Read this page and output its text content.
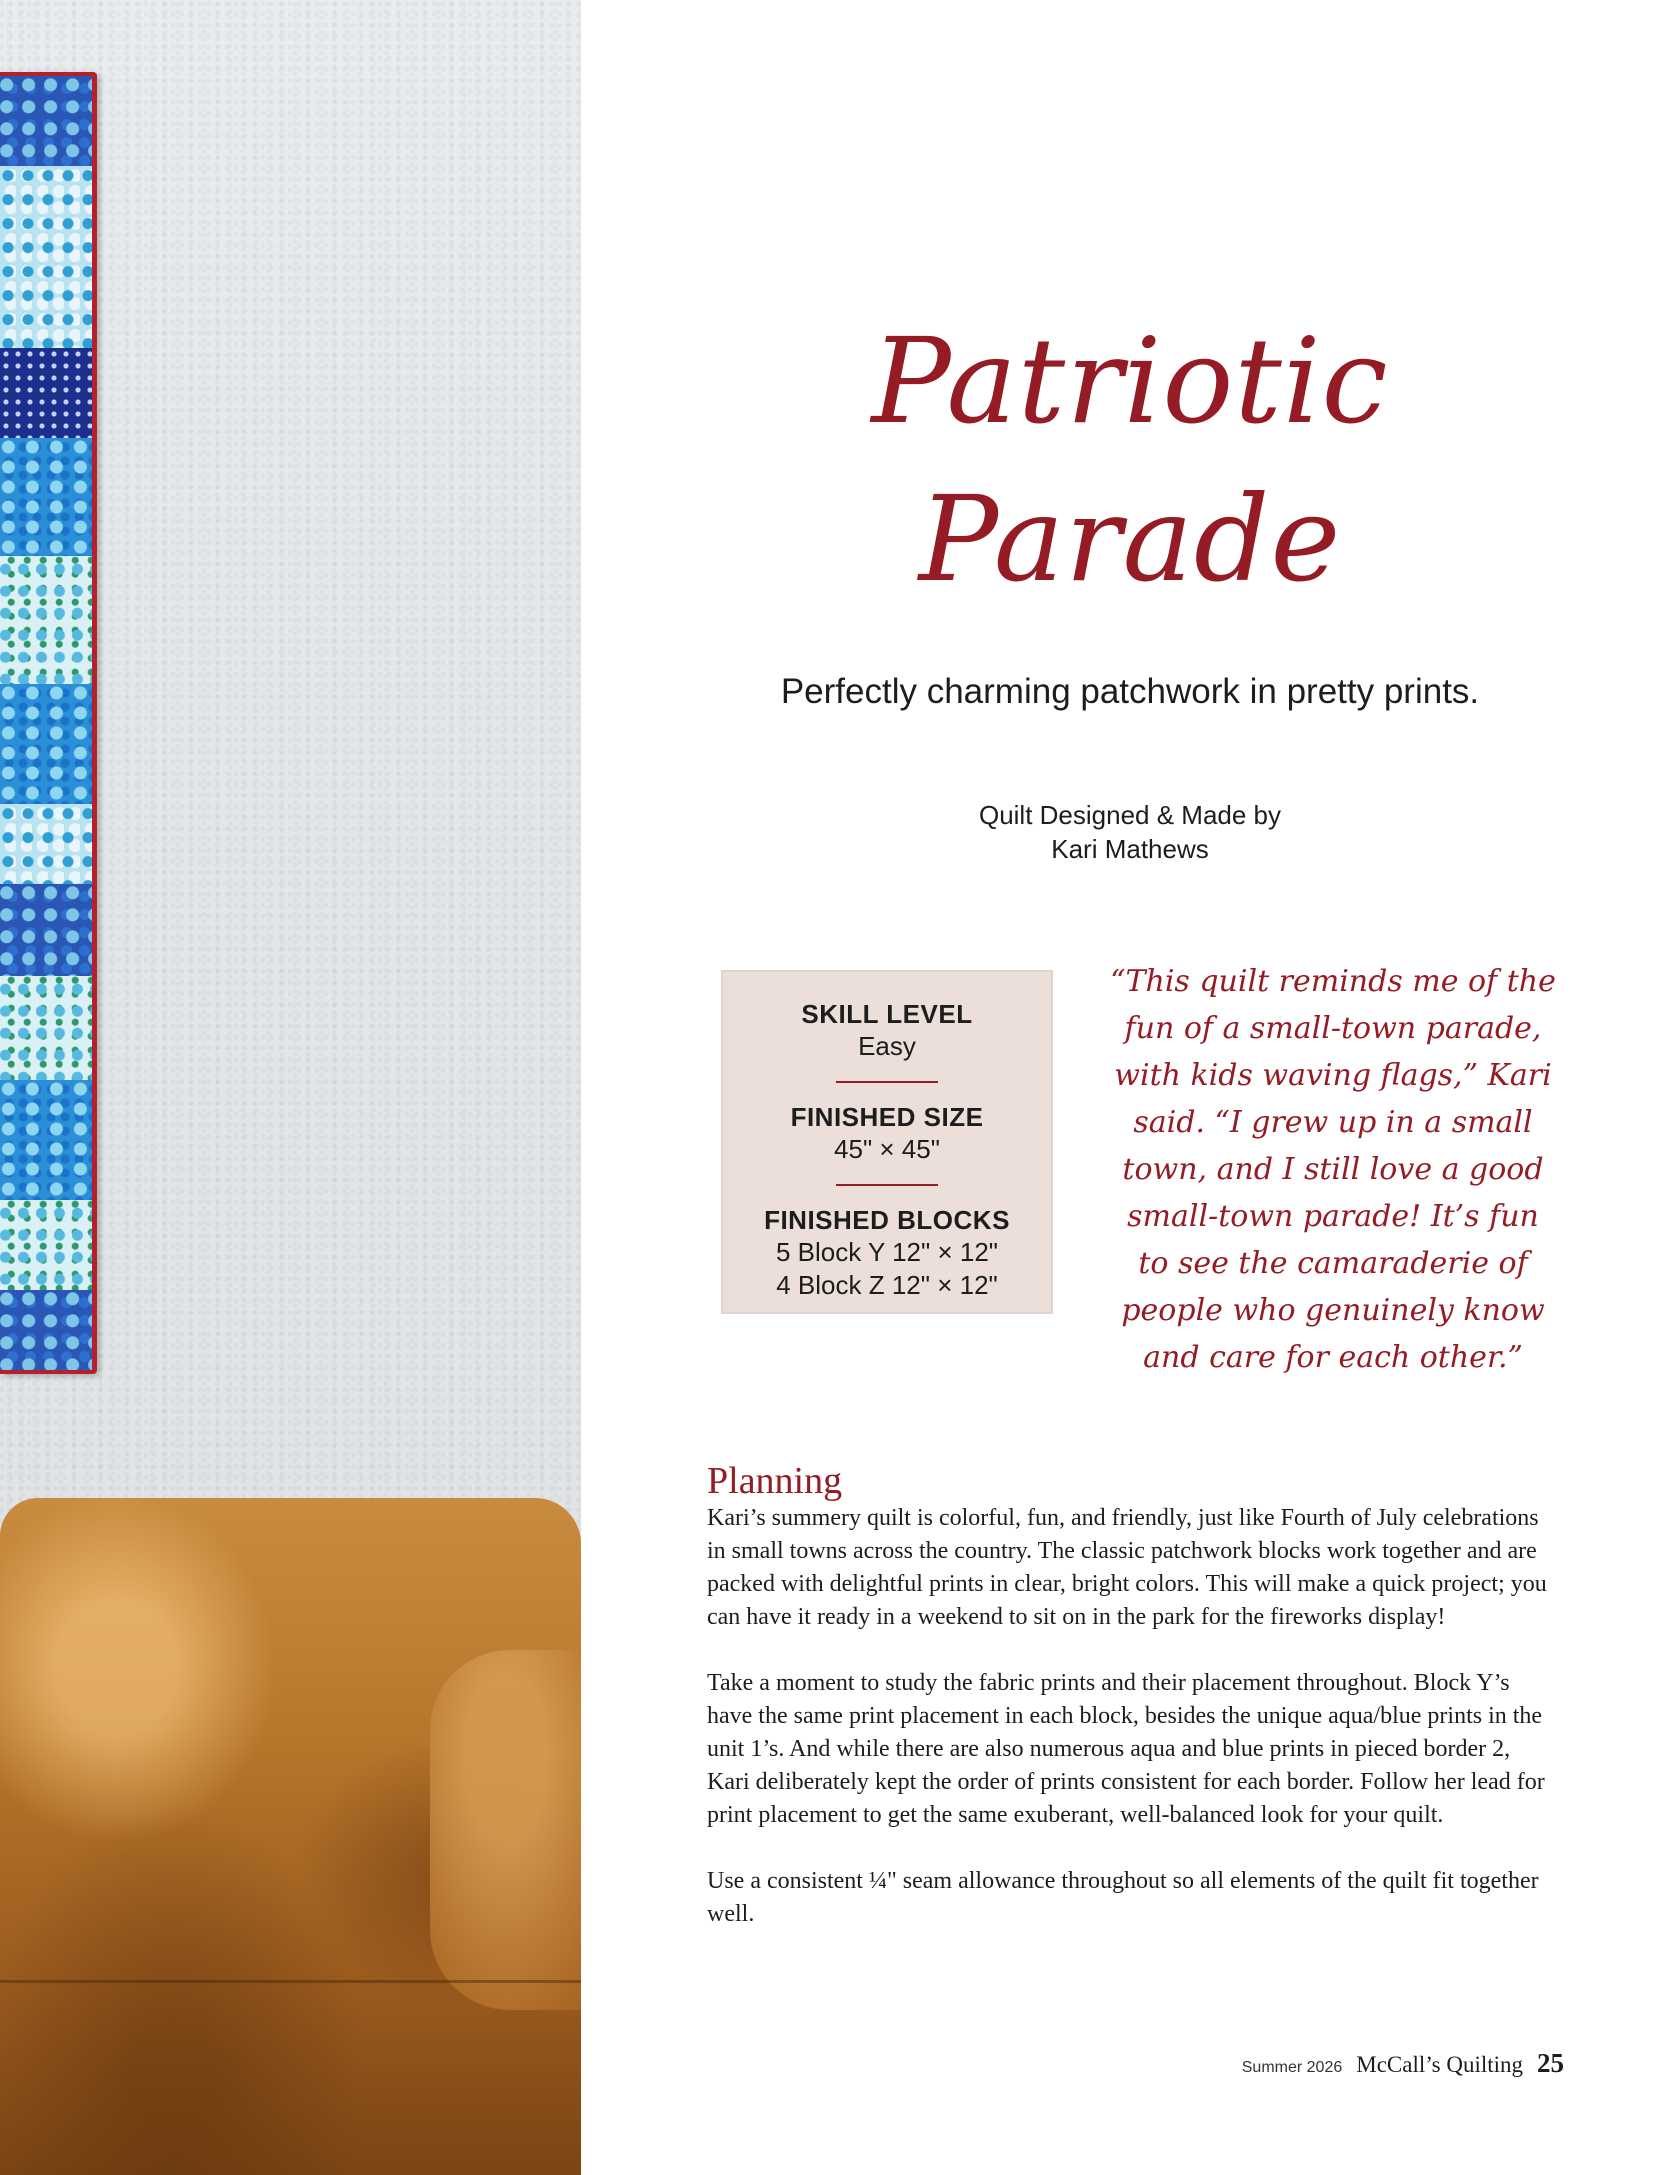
Patriotic
Parade
Perfectly charming patchwork in pretty prints.
Quilt Designed & Made by
Kari Mathews
SKILL LEVEL
Easy
FINISHED SIZE
45" × 45"
FINISHED BLOCKS
5 Block Y 12" × 12"
4 Block Z 12" × 12"
“This quilt reminds me of the fun of a small-town parade, with kids waving flags,” Kari said. “I grew up in a small town, and I still love a good small-town parade! It’s fun to see the camaraderie of people who genuinely know and care for each other.”
Planning

Kari’s summery quilt is colorful, fun, and friendly, just like Fourth of July celebrations in small towns across the country. The classic patchwork blocks work together and are packed with delightful prints in clear, bright colors. This will make a quick project; you can have it ready in a weekend to sit on in the park for the fireworks display!

Take a moment to study the fabric prints and their placement throughout. Block Y’s have the same print placement in each block, besides the unique aqua/blue prints in the unit 1’s. And while there are also numerous aqua and blue prints in pieced border 2, Kari deliberately kept the order of prints consistent for each border. Follow her lead for print placement to get the same exuberant, well-balanced look for your quilt.

Use a consistent ¼" seam allowance throughout so all elements of the quilt fit together well.

Summer 2026 McCall’s Quilting 25
